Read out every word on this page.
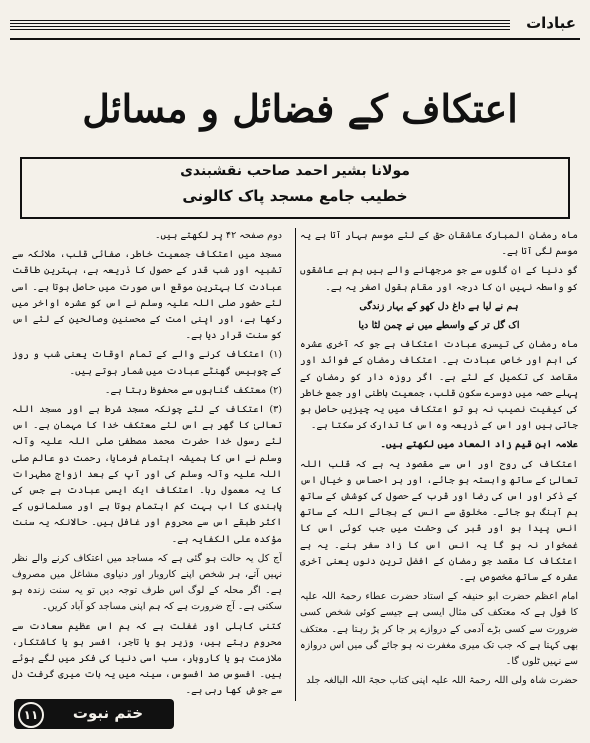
عبادات
اعتکاف کے فضائل و مسائل
مولانا بشیر احمد صاحب نقشبندی
خطیب جامع مسجد پاک کالونی

ماہ رمضان المبارک عاشقان حق کے لئے موسم بہار آتا ہے یہ موسم لگی آتا ہے۔

گو دنیا کے ان گلوں سے جو مرجھانے والے ہیں ہم بے عاشقوں کو واسطہ نہیں ان کا درجہ اور مقام بقول اصغر یہ ہے۔

ہم نے لیا ہے داغ دل کھو کے بہار زندگی

اک گل تر کے واسطے میں نے چمن لٹا دیا

ماہ رمضان کی تیسری عبادت اعتکاف ہے جو کہ آخری عشرہ کی اہم اور خاص عبادت ہے۔ اعتکاف رمضان کے فوائد اور مقاصد کی تکمیل کے لئے ہے۔ اگر روزہ دار کو رمضان کے پہلے حصہ میں دوسرے سکون قلب، جمعیت باطنی اور جمع خاطر کی کیفیت نصیب نہ ہو تو اعتکاف میں یہ چیزیں حاصل ہو جاتی ہیں اور اس کے ذریعہ وہ اس کا تدارک کر سکتا ہے۔

علامہ ابن قیم زاد المعاد میں لکھتے ہیں۔

اعتکاف کی روح اور اس سے مقصود یہ ہے کہ قلب اللہ تعالیٰ کے ساتھ وابستہ ہو جائے، اور ہر احساس و خیال اس کے ذکر اور اس کی رضا اور قرب کے حصول کی کوشش کے ساتھ ہم آہنگ ہو جائے۔ مخلوق سے انس کے بجائے اللہ کے ساتھ انس پیدا ہو اور قبر کی وحشت میں جب کوئی اس کا غمخوار نہ ہو گا یہ انس اس کا زاد سفر بنے۔ یہ ہے اعتکاف کا مقصد جو رمضان کے افضل ترین دنوں یعنی آخری عشرہ کے ساتھ مخصوص ہے۔

امام اعظم حضرت ابو حنیفہ کے استاد حضرت عطاء رحمۃ اللہ علیہ کا قول ہے کہ معتکف کی مثال ایسی ہے جیسے کوئی شخص کسی ضرورت سے کسی بڑے آدمی کے دروازے پر جا کر پڑ رہتا ہے۔ معتکف بھی کہتا ہے کہ جب تک میری مغفرت نہ ہو جائے گی میں اس دروازہ سے نہیں ٹلوں گا۔

حضرت شاہ ولی اللہ رحمۃ اللہ علیہ اپنی کتاب حجۃ اللہ البالغہ جلد

دوم صفحہ ۴۲ پر لکھتے ہیں۔

مسجد میں اعتکاف جمعیت خاطر، صفائی قلب، ملائکہ سے تشبیہ اور شب قدر کے حصول کا ذریعہ ہے، بہترین طاقت عبادت کا بہترین موقع اس صورت میں حاصل ہوتا ہے۔ اسی لئے حضور صلی اللہ علیہ وسلم نے اس کو عشرہ اواخر میں رکھا ہے، اور اپنی امت کے محسنین وصالحین کے لئے اس کو سنت قرار دیا ہے۔

(۱) اعتکاف کرنے والے کے تمام اوقات یعنی شب و روز کے چوبیس گھنٹے عبادت میں شمار ہوتے ہیں۔

(۲) معتکف گناہوں سے محفوظ رہتا ہے۔

(۳) اعتکاف کے لئے چونکہ مسجد شرط ہے اور مسجد اللہ تعالیٰ کا گھر ہے اس لئے معتکف خدا کا مہمان ہے۔ اس لئے رسول خدا حضرت محمد مصطفیٰ صلی اللہ علیہ وآلہ وسلم نے اس کا ہمیشہ اہتمام فرمایا، رحمت دو عالم صلی اللہ علیہ وآلہ وسلم کی اور آپ کے بعد ازواج مطہرات کا یہ معمول رہا۔ اعتکاف ایک ایسی عبادت ہے جس کی پابندی کا اب بہت کم اہتمام ہوتا ہے اور مسلمانوں کے اکثر طبقے اس سے محروم اور غافل ہیں۔ حالانکہ یہ سنت مؤکدہ علی الکفایہ ہے۔

آج کل یہ حالت ہو گئی ہے کہ مساجد میں اعتکاف کرنے والے نظر نہیں آتے، ہر شخص اپنے کاروبار اور دنیاوی مشاغل میں مصروف ہے۔ اگر محلہ کے لوگ اس طرف توجہ دیں تو یہ سنت زندہ ہو سکتی ہے۔ آج ضرورت ہے کہ ہم اپنی مساجد کو آباد کریں۔

کتنی کاہلی اور غفلت ہے کہ ہم اس عظیم سعادت سے محروم رہتے ہیں، وزیر ہو یا تاجر، افسر ہو یا کاشتکار، ملازمت ہو یا کاروبار، سب اسی دنیا کی فکر میں لگے ہوئے ہیں۔ افسوس صد افسوس، سینہ میں یہ بات میری گرفت دل سے جوش کھا رہی ہے۔

۱۱	ختم نبوت
